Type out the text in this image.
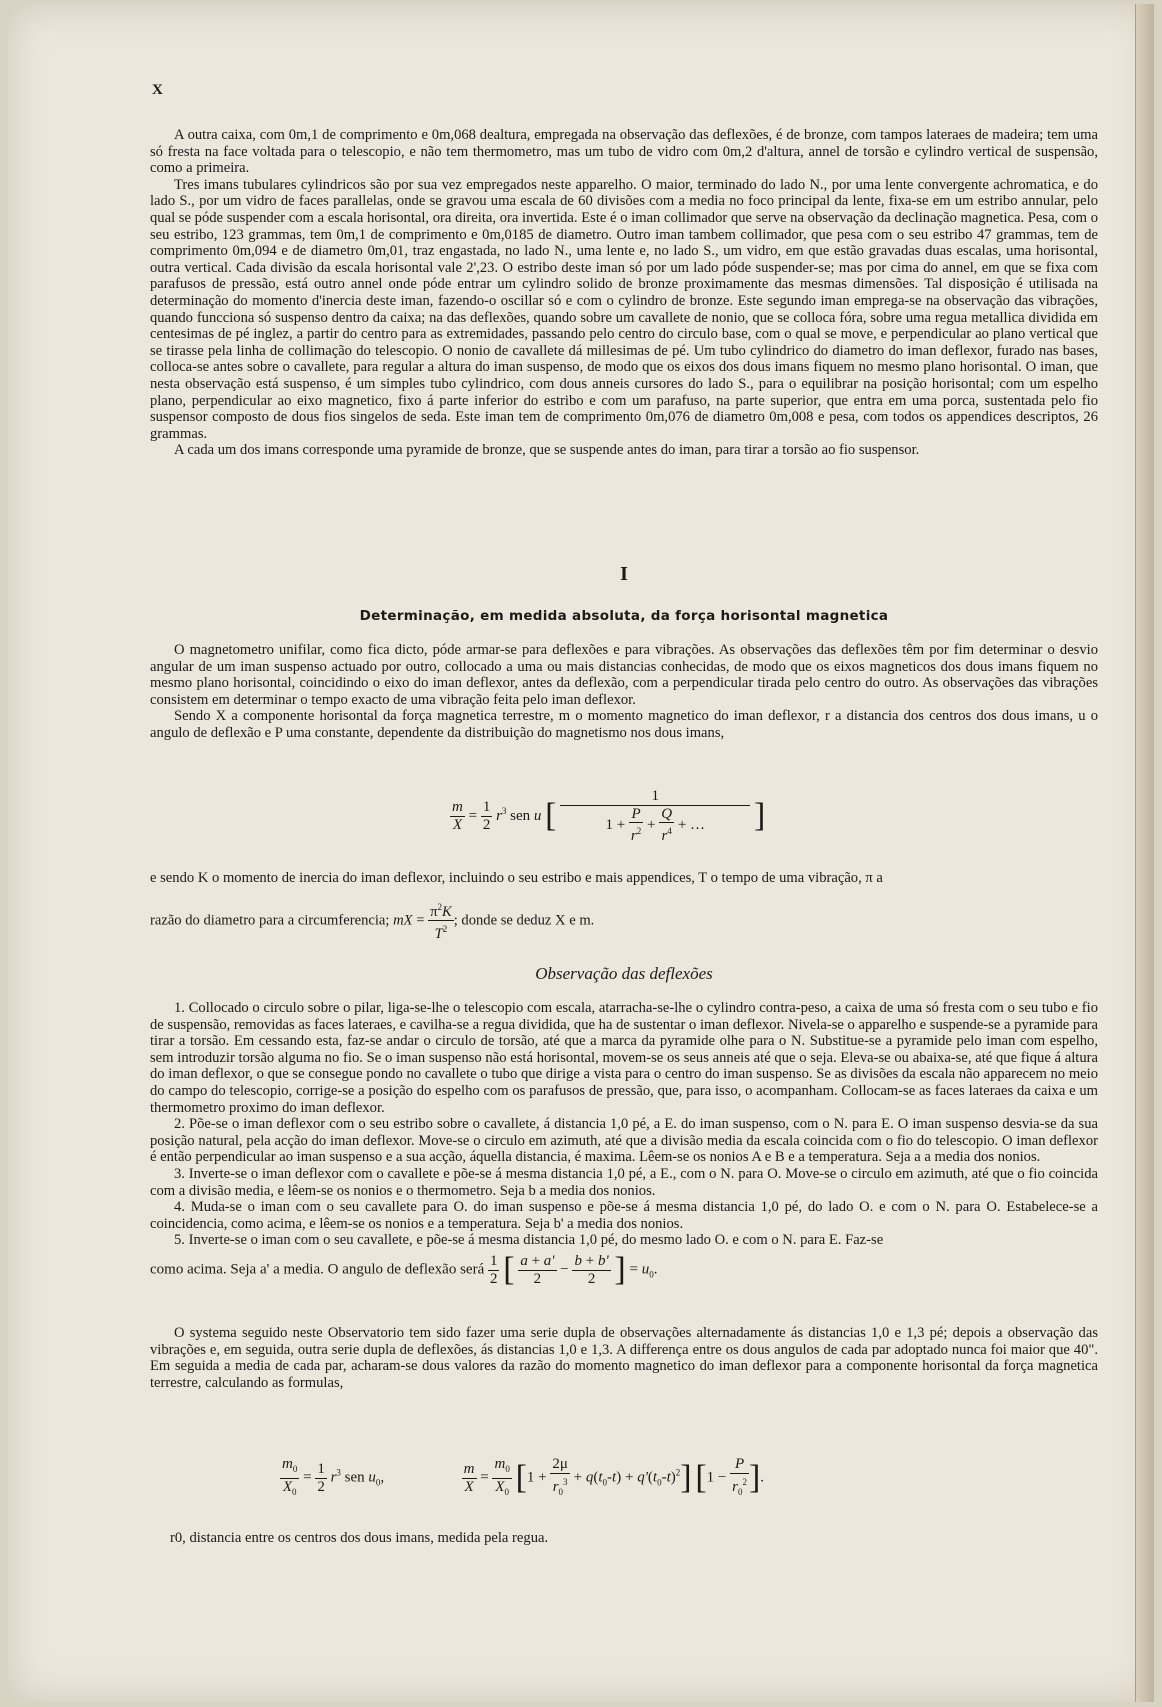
X

A outra caixa, com 0m,1 de comprimento e 0m,068 dealtura, empregada na observação das deflexões, é de bronze, com tampos lateraes de madeira; tem uma só fresta na face voltada para o telescopio, e não tem thermometro, mas um tubo de vidro com 0m,2 d'altura, annel de torsão e cylindro vertical de suspensão, como a primeira.

Tres imans tubulares cylindricos são por sua vez empregados neste apparelho. O maior, terminado do lado N., por uma lente convergente achromatica, e do lado S., por um vidro de faces parallelas, onde se gravou uma escala de 60 divisões com a media no foco principal da lente, fixa-se em um estribo annular, pelo qual se póde suspender com a escala horisontal, ora direita, ora invertida. Este é o iman collimador que serve na observação da declinação magnetica. Pesa, com o seu estribo, 123 grammas, tem 0m,1 de comprimento e 0m,0185 de diametro. Outro iman tambem collimador, que pesa com o seu estribo 47 grammas, tem de comprimento 0m,094 e de diametro 0m,01, traz engastada, no lado N., uma lente e, no lado S., um vidro, em que estão gravadas duas escalas, uma horisontal, outra vertical. Cada divisão da escala horisontal vale 2',23. O estribo deste iman só por um lado póde suspender-se; mas por cima do annel, em que se fixa com parafusos de pressão, está outro annel onde póde entrar um cylindro solido de bronze proximamente das mesmas dimensões. Tal disposição é utilisada na determinação do momento d'inercia deste iman, fazendo-o oscillar só e com o cylindro de bronze. Este segundo iman emprega-se na observação das vibrações, quando funcciona só suspenso dentro da caixa; na das deflexões, quando sobre um cavallete de nonio, que se colloca fóra, sobre uma regua metallica dividida em centesimas de pé inglez, a partir do centro para as extremidades, passando pelo centro do circulo base, com o qual se move, e perpendicular ao plano vertical que se tirasse pela linha de collimação do telescopio. O nonio de cavallete dá millesimas de pé. Um tubo cylindrico do diametro do iman deflexor, furado nas bases, colloca-se antes sobre o cavallete, para regular a altura do iman suspenso, de modo que os eixos dos dous imans fiquem no mesmo plano horisontal. O iman, que nesta observação está suspenso, é um simples tubo cylindrico, com dous anneis cursores do lado S., para o equilibrar na posição horisontal; com um espelho plano, perpendicular ao eixo magnetico, fixo á parte inferior do estribo e com um parafuso, na parte superior, que entra em uma porca, sustentada pelo fio suspensor composto de dous fios singelos de seda. Este iman tem de comprimento 0m,076 de diametro 0m,008 e pesa, com todos os appendices descriptos, 26 grammas.

A cada um dos imans corresponde uma pyramide de bronze, que se suspende antes do iman, para tirar a torsão ao fio suspensor.

I
Determinação, em medida absoluta, da força horisontal magnetica

O magnetometro unifilar, como fica dicto, póde armar-se para deflexões e para vibrações. As observações das deflexões têm por fim determinar o desvio angular de um iman suspenso actuado por outro, collocado a uma ou mais distancias conhecidas, de modo que os eixos magneticos dos dous imans fiquem no mesmo plano horisontal, coincidindo o eixo do iman deflexor, antes da deflexão, com a perpendicular tirada pelo centro do outro. As observações das vibrações consistem em determinar o tempo exacto de uma vibração feita pelo iman deflexor.

Sendo X a componente horisontal da força magnetica terrestre, m o momento magnetico do iman deflexor, r a distancia dos centros dos dous imans, u o angulo de deflexão e P uma constante, dependente da distribuição do magnetismo nos dous imans,

$\frac{m}{X} = \frac{1}{2} r^3$ sen u [ $\frac{1}{1 + \frac{P}{r^2} + \frac{Q}{r^4} + \dots}$ ]

e sendo K o momento de inercia do iman deflexor, incluindo o seu estribo e mais appendices, T o tempo de uma vibração, π a

razão do diametro para a circumferencia; mX = $\frac{\pi^2K}{T^2}$ ; donde se deduz X e m.

Observação das deflexões

1. Collocado o circulo sobre o pilar, liga-se-lhe o telescopio com escala, atarracha-se-lhe o cylindro contra-peso, a caixa de uma só fresta com o seu tubo e fio de suspensão, removidas as faces lateraes, e cavilha-se a regua dividida, que ha de sustentar o iman deflexor. Nivela-se o apparelho e suspende-se a pyramide para tirar a torsão. Em cessando esta, faz-se andar o circulo de torsão, até que a marca da pyramide olhe para o N. Substitue-se a pyramide pelo iman com espelho, sem introduzir torsão alguma no fio. Se o iman suspenso não está horisontal, movem-se os seus anneis até que o seja. Eleva-se ou abaixa-se, até que fique á altura do iman deflexor, o que se consegue pondo no cavallete o tubo que dirige a vista para o centro do iman suspenso. Se as divisões da escala não apparecem no meio do campo do telescopio, corrige-se a posição do espelho com os parafusos de pressão, que, para isso, o acompanham. Collocam-se as faces lateraes da caixa e um thermometro proximo do iman deflexor.

2. Põe-se o iman deflexor com o seu estribo sobre o cavallete, á distancia 1,0 pé, a E. do iman suspenso, com o N. para E. O iman suspenso desvia-se da sua posição natural, pela acção do iman deflexor. Move-se o circulo em azimuth, até que a divisão media da escala coincida com o fio do telescopio. O iman deflexor é então perpendicular ao iman suspenso e a sua acção, áquella distancia, é maxima. Lêem-se os nonios A e B e a temperatura. Seja a a media dos nonios.

3. Inverte-se o iman deflexor com o cavallete e põe-se á mesma distancia 1,0 pé, a E., com o N. para O. Move-se o circulo em azimuth, até que o fio coincida com a divisão media, e lêem-se os nonios e o thermometro. Seja b a media dos nonios.

4. Muda-se o iman com o seu cavallete para O. do iman suspenso e põe-se á mesma distancia 1,0 pé, do lado O. e com o N. para O. Estabelece-se a coincidencia, como acima, e lêem-se os nonios e a temperatura. Seja b' a media dos nonios.

5. Inverte-se o iman com o seu cavallete, e põe-se á mesma distancia 1,0 pé, do mesmo lado O. e com o N. para E. Faz-se

como acima. Seja a' a media. O angulo de deflexão será $\frac{1}{2}$ [ $\frac{a + a'}{2} - \frac{b + b'}{2}$ ] = $u_0$.

O systema seguido neste Observatorio tem sido fazer uma serie dupla de observações alternadamente ás distancias 1,0 e 1,3 pé; depois a observação das vibrações e, em seguida, outra serie dupla de deflexões, ás distancias 1,0 e 1,3. A differença entre os dous angulos de cada par adoptado nunca foi maior que 40". Em seguida a media de cada par, acharam-se dous valores da razão do momento magnetico do iman deflexor para a componente horisontal da força magnetica terrestre, calculando as formulas,

$\frac{m_0}{X_0} = \frac{1}{2} r^3$ sen $u_0$,	$\frac{m}{X} = \frac{m_0}{X_0} [1 + \frac{2\mu}{r_0^3} + q(t_0-t) + q'(t_0-t)^2] [1 - \frac{P}{r_0^2}$ ].

r0, distancia entre os centros dos dous imans, medida pela regua.
